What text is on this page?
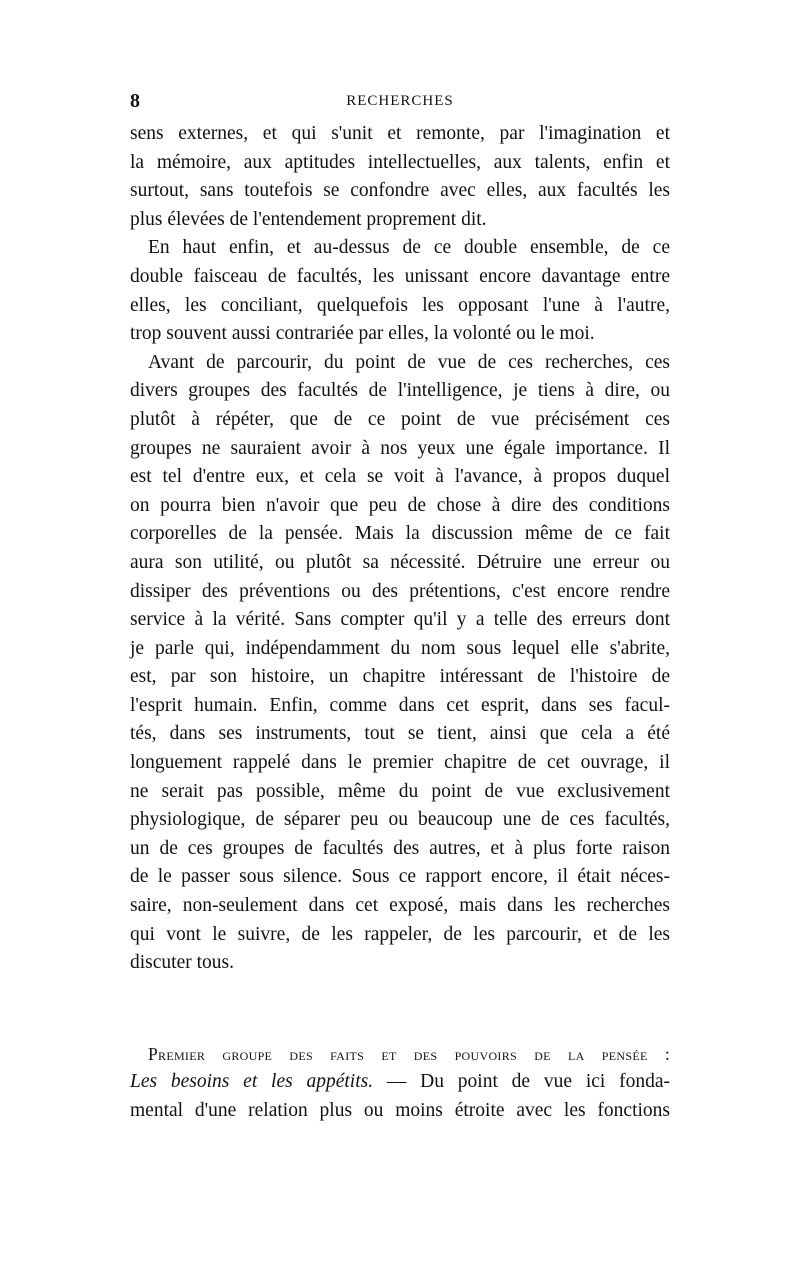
8	RECHERCHES
sens externes, et qui s'unit et remonte, par l'imagination et
la mémoire, aux aptitudes intellectuelles, aux talents, enfin et
surtout, sans toutefois se confondre avec elles, aux facultés les
plus élevées de l'entendement proprement dit.
En haut enfin, et au-dessus de ce double ensemble, de ce
double faisceau de facultés, les unissant encore davantage entre
elles, les conciliant, quelquefois les opposant l'une à l'autre,
trop souvent aussi contrariée par elles, la volonté ou le moi.
Avant de parcourir, du point de vue de ces recherches, ces
divers groupes des facultés de l'intelligence, je tiens à dire, ou
plutôt à répéter, que de ce point de vue précisément ces
groupes ne sauraient avoir à nos yeux une égale importance. Il
est tel d'entre eux, et cela se voit à l'avance, à propos duquel
on pourra bien n'avoir que peu de chose à dire des conditions
corporelles de la pensée. Mais la discussion même de ce fait
aura son utilité, ou plutôt sa nécessité. Détruire une erreur ou
dissiper des préventions ou des prétentions, c'est encore rendre
service à la vérité. Sans compter qu'il y a telle des erreurs dont
je parle qui, indépendamment du nom sous lequel elle s'abrite,
est, par son histoire, un chapitre intéressant de l'histoire de
l'esprit humain. Enfin, comme dans cet esprit, dans ses facul-
tés, dans ses instruments, tout se tient, ainsi que cela a été
longuement rappelé dans le premier chapitre de cet ouvrage, il
ne serait pas possible, même du point de vue exclusivement
physiologique, de séparer peu ou beaucoup une de ces facultés,
un de ces groupes de facultés des autres, et à plus forte raison
de le passer sous silence. Sous ce rapport encore, il était néces-
saire, non-seulement dans cet exposé, mais dans les recherches
qui vont le suivre, de les rappeler, de les parcourir, et de les
discuter tous.
Premier groupe des faits et des pouvoirs de la pensée :
Les besoins et les appétits. — Du point de vue ici fonda-
mental d'une relation plus ou moins étroite avec les fonctions
